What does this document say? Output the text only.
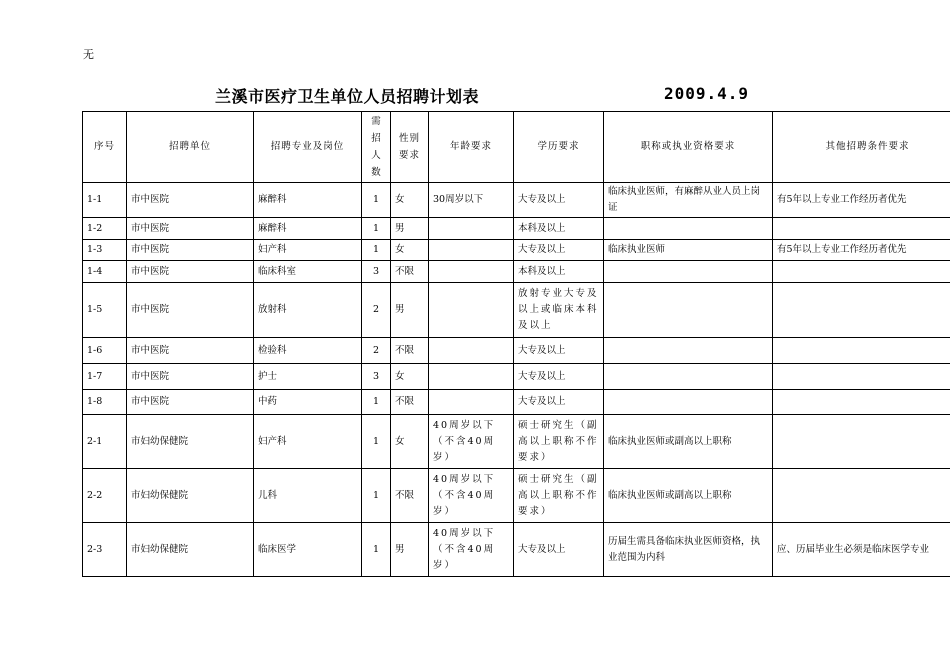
无
兰溪市医疗卫生单位人员招聘计划表	2009.4.9
序号	招聘单位	招聘专业及岗位	需招人数	性别要求	年龄要求	学历要求	职称或执业资格要求	其他招聘条件要求
1-1	市中医院	麻醉科	1	女	30周岁以下	大专及以上	临床执业医师，有麻醉从业人员上岗证	有5年以上专业工作经历者优先
1-2	市中医院	麻醉科	1	男		本科及以上		
1-3	市中医院	妇产科	1	女		大专及以上	临床执业医师	有5年以上专业工作经历者优先
1-4	市中医院	临床科室	3	不限		本科及以上		
1-5	市中医院	放射科	2	男		放射专业大专及以上或临床本科及以上		
1-6	市中医院	检验科	2	不限		大专及以上		
1-7	市中医院	护士	3	女		大专及以上		
1-8	市中医院	中药	1	不限		大专及以上		
2-1	市妇幼保健院	妇产科	1	女	40周岁以下（不含40周岁）	硕士研究生（副高以上职称不作要求）	临床执业医师或副高以上职称	
2-2	市妇幼保健院	儿科	1	不限	40周岁以下（不含40周岁）	硕士研究生（副高以上职称不作要求）	临床执业医师或副高以上职称	
2-3	市妇幼保健院	临床医学	1	男	40周岁以下（不含40周岁）	大专及以上	历届生需具备临床执业医师资格，执业范围为内科	应、历届毕业生必须是临床医学专业
